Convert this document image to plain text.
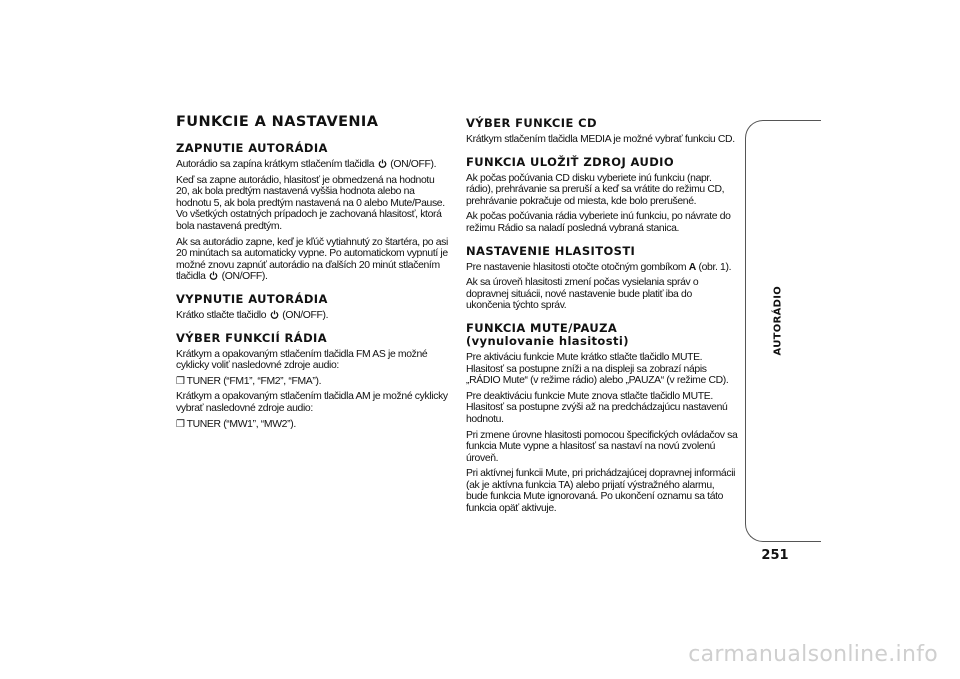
FUNKCIE A NASTAVENIA
ZAPNUTIE AUTORÁDIA

Autorádio sa zapína krátkym stlačením tlačidla (ON/OFF).

Keď sa zapne autorádio, hlasitosť je obmedzená na hodnotu 20, ak bola predtým nastavená vyššia hodnota alebo na hodnotu 5, ak bola predtým nastavená na 0 alebo Mute/Pause. Vo všetkých ostatných prípadoch je zachovaná hlasitosť, ktorá bola nastavená predtým.

Ak sa autorádio zapne, keď je kľúč vytiahnutý zo štartéra, po asi 20 minútach sa automaticky vypne. Po automatickom vypnutí je možné znovu zapnúť autorádio na ďalších 20 minút stlačením tlačidla (ON/OFF).

VYPNUTIE AUTORÁDIA

Krátko stlačte tlačidlo (ON/OFF).

VÝBER FUNKCIÍ RÁDIA

Krátkym a opakovaným stlačením tlačidla FM AS je možné cyklicky voliť nasledovné zdroje audio:

❒ TUNER (“FM1”, “FM2”, “FMA”).

Krátkym a opakovaným stlačením tlačidla AM je možné cyklicky vybrať nasledovné zdroje audio:

❒ TUNER (“MW1”, “MW2”).
VÝBER FUNKCIE CD

Krátkym stlačením tlačidla MEDIA je možné vybrať funkciu CD.

FUNKCIA ULOŽIŤ ZDROJ AUDIO

Ak počas počúvania CD disku vyberiete inú funkciu (napr. rádio), prehrávanie sa preruší a keď sa vrátite do režimu CD, prehrávanie pokračuje od miesta, kde bolo prerušené.

Ak počas počúvania rádia vyberiete inú funkciu, po návrate do režimu Rádio sa naladí posledná vybraná stanica.

NASTAVENIE HLASITOSTI

Pre nastavenie hlasitosti otočte otočným gombíkom A (obr. 1).

Ak sa úroveň hlasitosti zmení počas vysielania správ o dopravnej situácii, nové nastavenie bude platiť iba do ukončenia týchto správ.

FUNKCIA MUTE/PAUZA
(vynulovanie hlasitosti)

Pre aktiváciu funkcie Mute krátko stlačte tlačidlo MUTE. Hlasitosť sa postupne zníži a na displeji sa zobrazí nápis „RÁDIO Mute“ (v režime rádio) alebo „PAUZA“ (v režime CD).

Pre deaktiváciu funkcie Mute znova stlačte tlačidlo MUTE. Hlasitosť sa postupne zvýši až na predchádzajúcu nastavenú hodnotu.

Pri zmene úrovne hlasitosti pomocou špecifických ovládačov sa funkcia Mute vypne a hlasitosť sa nastaví na novú zvolenú úroveň.

Pri aktívnej funkcii Mute, pri prichádzajúcej dopravnej informácii (ak je aktívna funkcia TA) alebo prijatí výstražného alarmu, bude funkcia Mute ignorovaná. Po ukončení oznamu sa táto funkcia opäť aktivuje.

AUTORÁDIO
251
carmanualsonline.info
